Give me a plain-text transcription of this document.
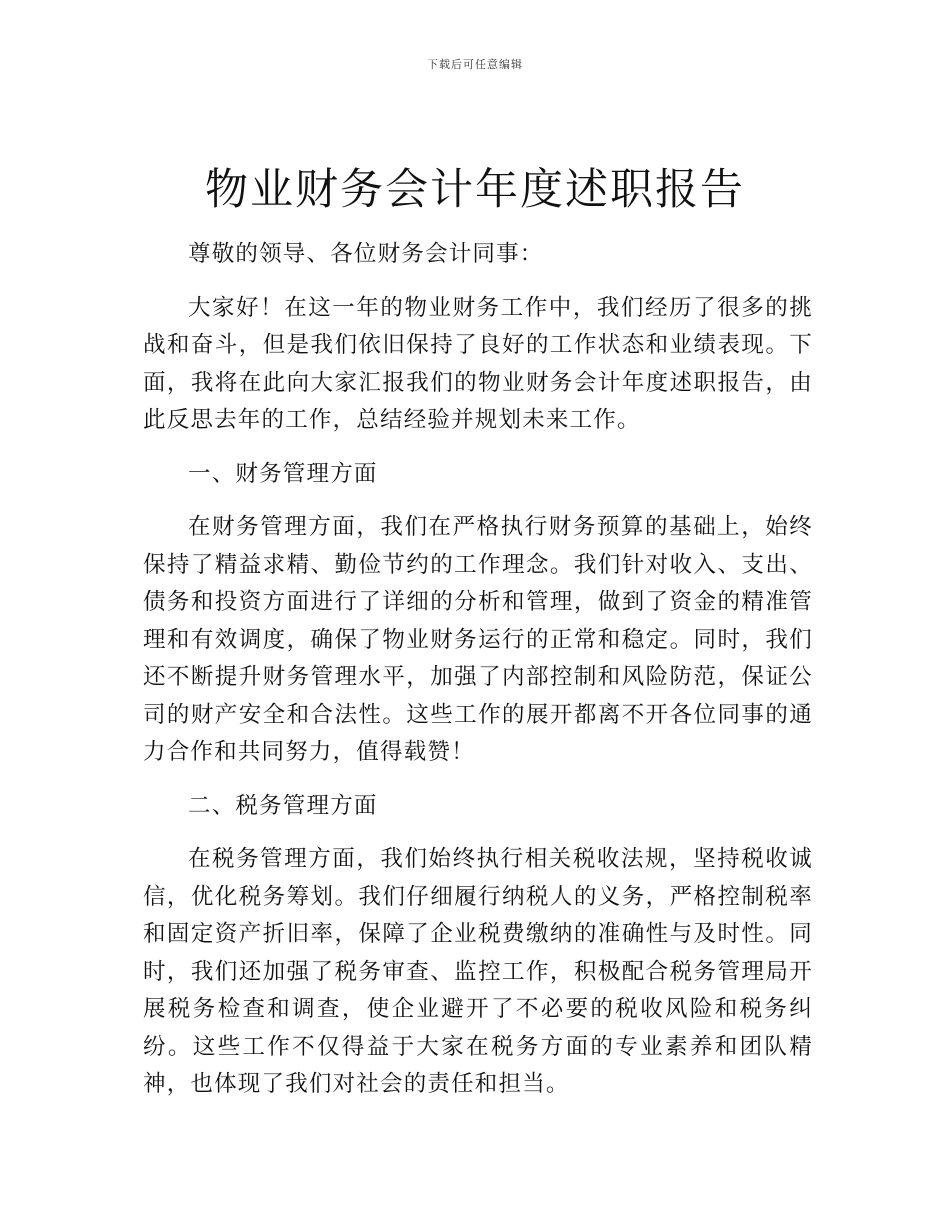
下载后可任意编辑
物业财务会计年度述职报告

尊敬的领导、各位财务会计同事：

大家好！在这一年的物业财务工作中，我们经历了很多的挑战和奋斗，但是我们依旧保持了良好的工作状态和业绩表现。下面，我将在此向大家汇报我们的物业财务会计年度述职报告，由此反思去年的工作，总结经验并规划未来工作。

一、财务管理方面

在财务管理方面，我们在严格执行财务预算的基础上，始终保持了精益求精、勤俭节约的工作理念。我们针对收入、支出、债务和投资方面进行了详细的分析和管理，做到了资金的精准管理和有效调度，确保了物业财务运行的正常和稳定。同时，我们还不断提升财务管理水平，加强了内部控制和风险防范，保证公司的财产安全和合法性。这些工作的展开都离不开各位同事的通力合作和共同努力，值得载赞！

二、税务管理方面

在税务管理方面，我们始终执行相关税收法规，坚持税收诚信，优化税务筹划。我们仔细履行纳税人的义务，严格控制税率和固定资产折旧率，保障了企业税费缴纳的准确性与及时性。同时，我们还加强了税务审查、监控工作，积极配合税务管理局开展税务检查和调查，使企业避开了不必要的税收风险和税务纠纷。这些工作不仅得益于大家在税务方面的专业素养和团队精神，也体现了我们对社会的责任和担当。
